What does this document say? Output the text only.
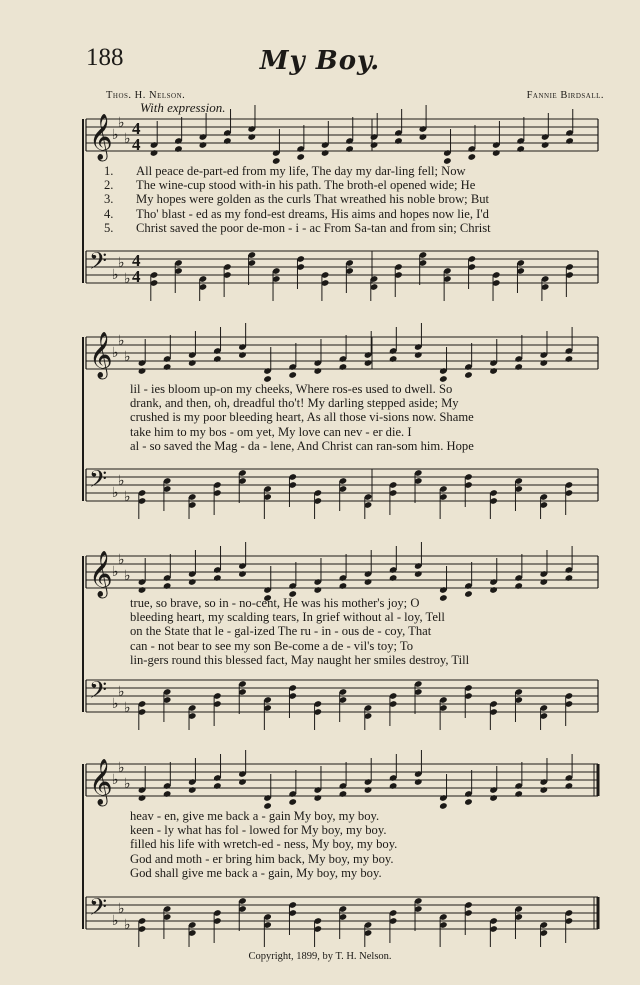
188	My Boy.
Thos. H. Nelson.	Fannie Birdsall.
With expression.
𝄞 ♭
♭
♭
4
4
𝄢 ♭
♭
♭
4
4
1.	All peace de-part-ed from my life, The day my dar-ling fell; Now
2.	The wine-cup stood with-in his path. The broth-el opened wide; He
3.	My hopes were golden as the curls That wreathed his noble brow; But
4.	Tho' blast - ed as my fond-est dreams, His aims and hopes now lie, I'd
5.	Christ saved the poor de-mon - i - ac From Sa-tan and from sin; Christ
𝄞 ♭
♭
♭
𝄢 ♭
♭
♭
lil - ies bloom up-on my cheeks, Where ros-es used to dwell. So
drank, and then, oh, dreadful tho't! My darling stepped aside; My
crushed is my poor bleeding heart, As all those vi-sions now. Shame
take him to my bos - om yet, My love can nev - er die. I
al - so saved the Mag - da - lene, And Christ can ran-som him. Hope
𝄞 ♭
♭
♭
𝄢 ♭
♭
♭
true, so brave, so in - no-cent, He was his mother's joy; O
bleeding heart, my scalding tears, In grief without al - loy, Tell
on the State that le - gal-ized The ru - in - ous de - coy, That
can - not bear to see my son Be-come a de - vil's toy; To
lin-gers round this blessed fact, May naught her smiles destroy, Till
𝄞 ♭
♭
♭
𝄢 ♭
♭
♭
heav - en, give me back a - gain My boy, my boy.
keen - ly what has fol - lowed for My boy, my boy.
filled his life with wretch-ed - ness, My boy, my boy.
God and moth - er bring him back, My boy, my boy.
God shall give me back a - gain, My boy, my boy.
Copyright, 1899, by T. H. Nelson.
